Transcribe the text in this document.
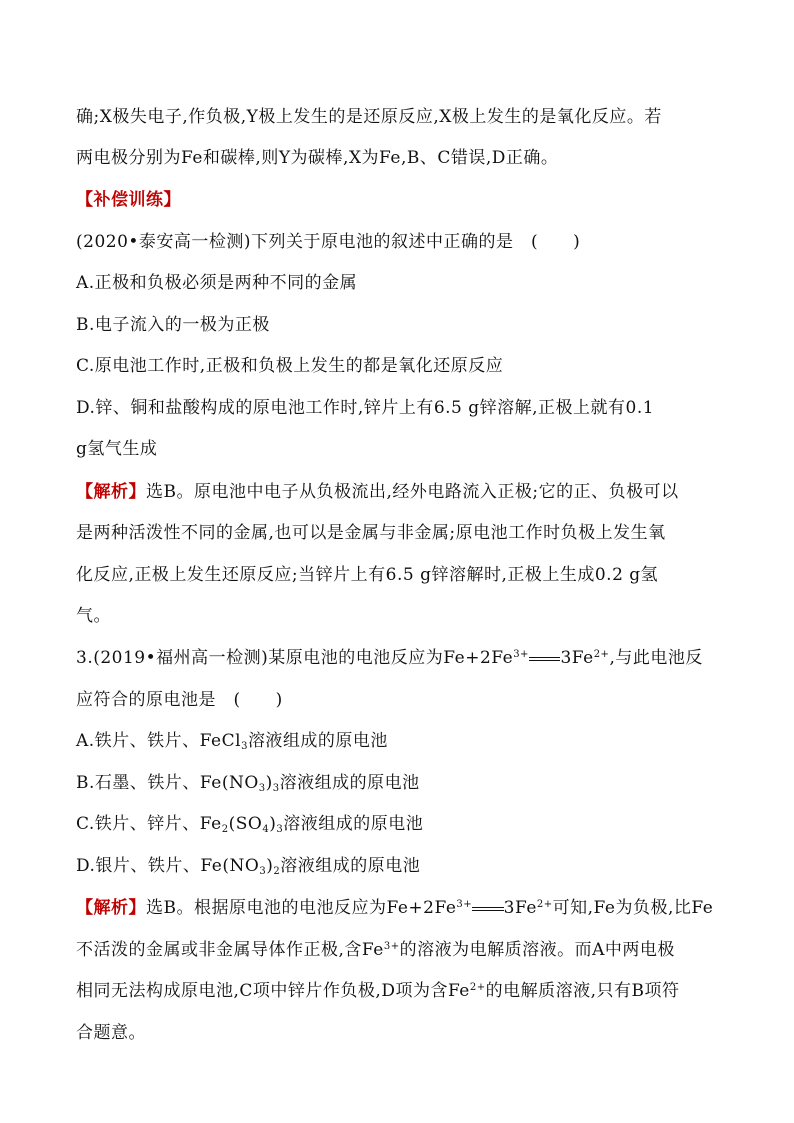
确;X极失电子,作负极,Y极上发生的是还原反应,X极上发生的是氧化反应。若
两电极分别为Fe和碳棒,则Y为碳棒,X为Fe,B、C错误,D正确。
【补偿训练】
(2020•泰安高一检测)下列关于原电池的叙述中正确的是　(　　)
A.正极和负极必须是两种不同的金属
B.电子流入的一极为正极
C.原电池工作时,正极和负极上发生的都是氧化还原反应
D.锌、铜和盐酸构成的原电池工作时,锌片上有6.5 g锌溶解,正极上就有0.1
g氢气生成
【解析】选B。原电池中电子从负极流出,经外电路流入正极;它的正、负极可以
是两种活泼性不同的金属,也可以是金属与非金属;原电池工作时负极上发生氧
化反应,正极上发生还原反应;当锌片上有6.5 g锌溶解时,正极上生成0.2 g氢
气。
3.(2019•福州高一检测)某原电池的电池反应为$Fe+2Fe^{3+}$ $3Fe^{2+}$,与此电池反
应符合的原电池是　(　　)
A.铁片、铁片、FeCl$_3$溶液组成的原电池
B.石墨、铁片、$Fe(NO_3)_3$溶液组成的原电池
C.铁片、锌片、$Fe_2(SO_4)_3$溶液组成的原电池
D.银片、铁片、$Fe(NO_3)_2$溶液组成的原电池
【解析】选B。根据原电池的电池反应为$Fe+2Fe^{3+}$ $3Fe^{2+}$可知,Fe为负极,比Fe
不活泼的金属或非金属导体作正极,含$Fe^{3+}$的溶液为电解质溶液。而A中两电极
相同无法构成原电池,C项中锌片作负极,D项为含$Fe^{2+}$的电解质溶液,只有B项符
合题意。
